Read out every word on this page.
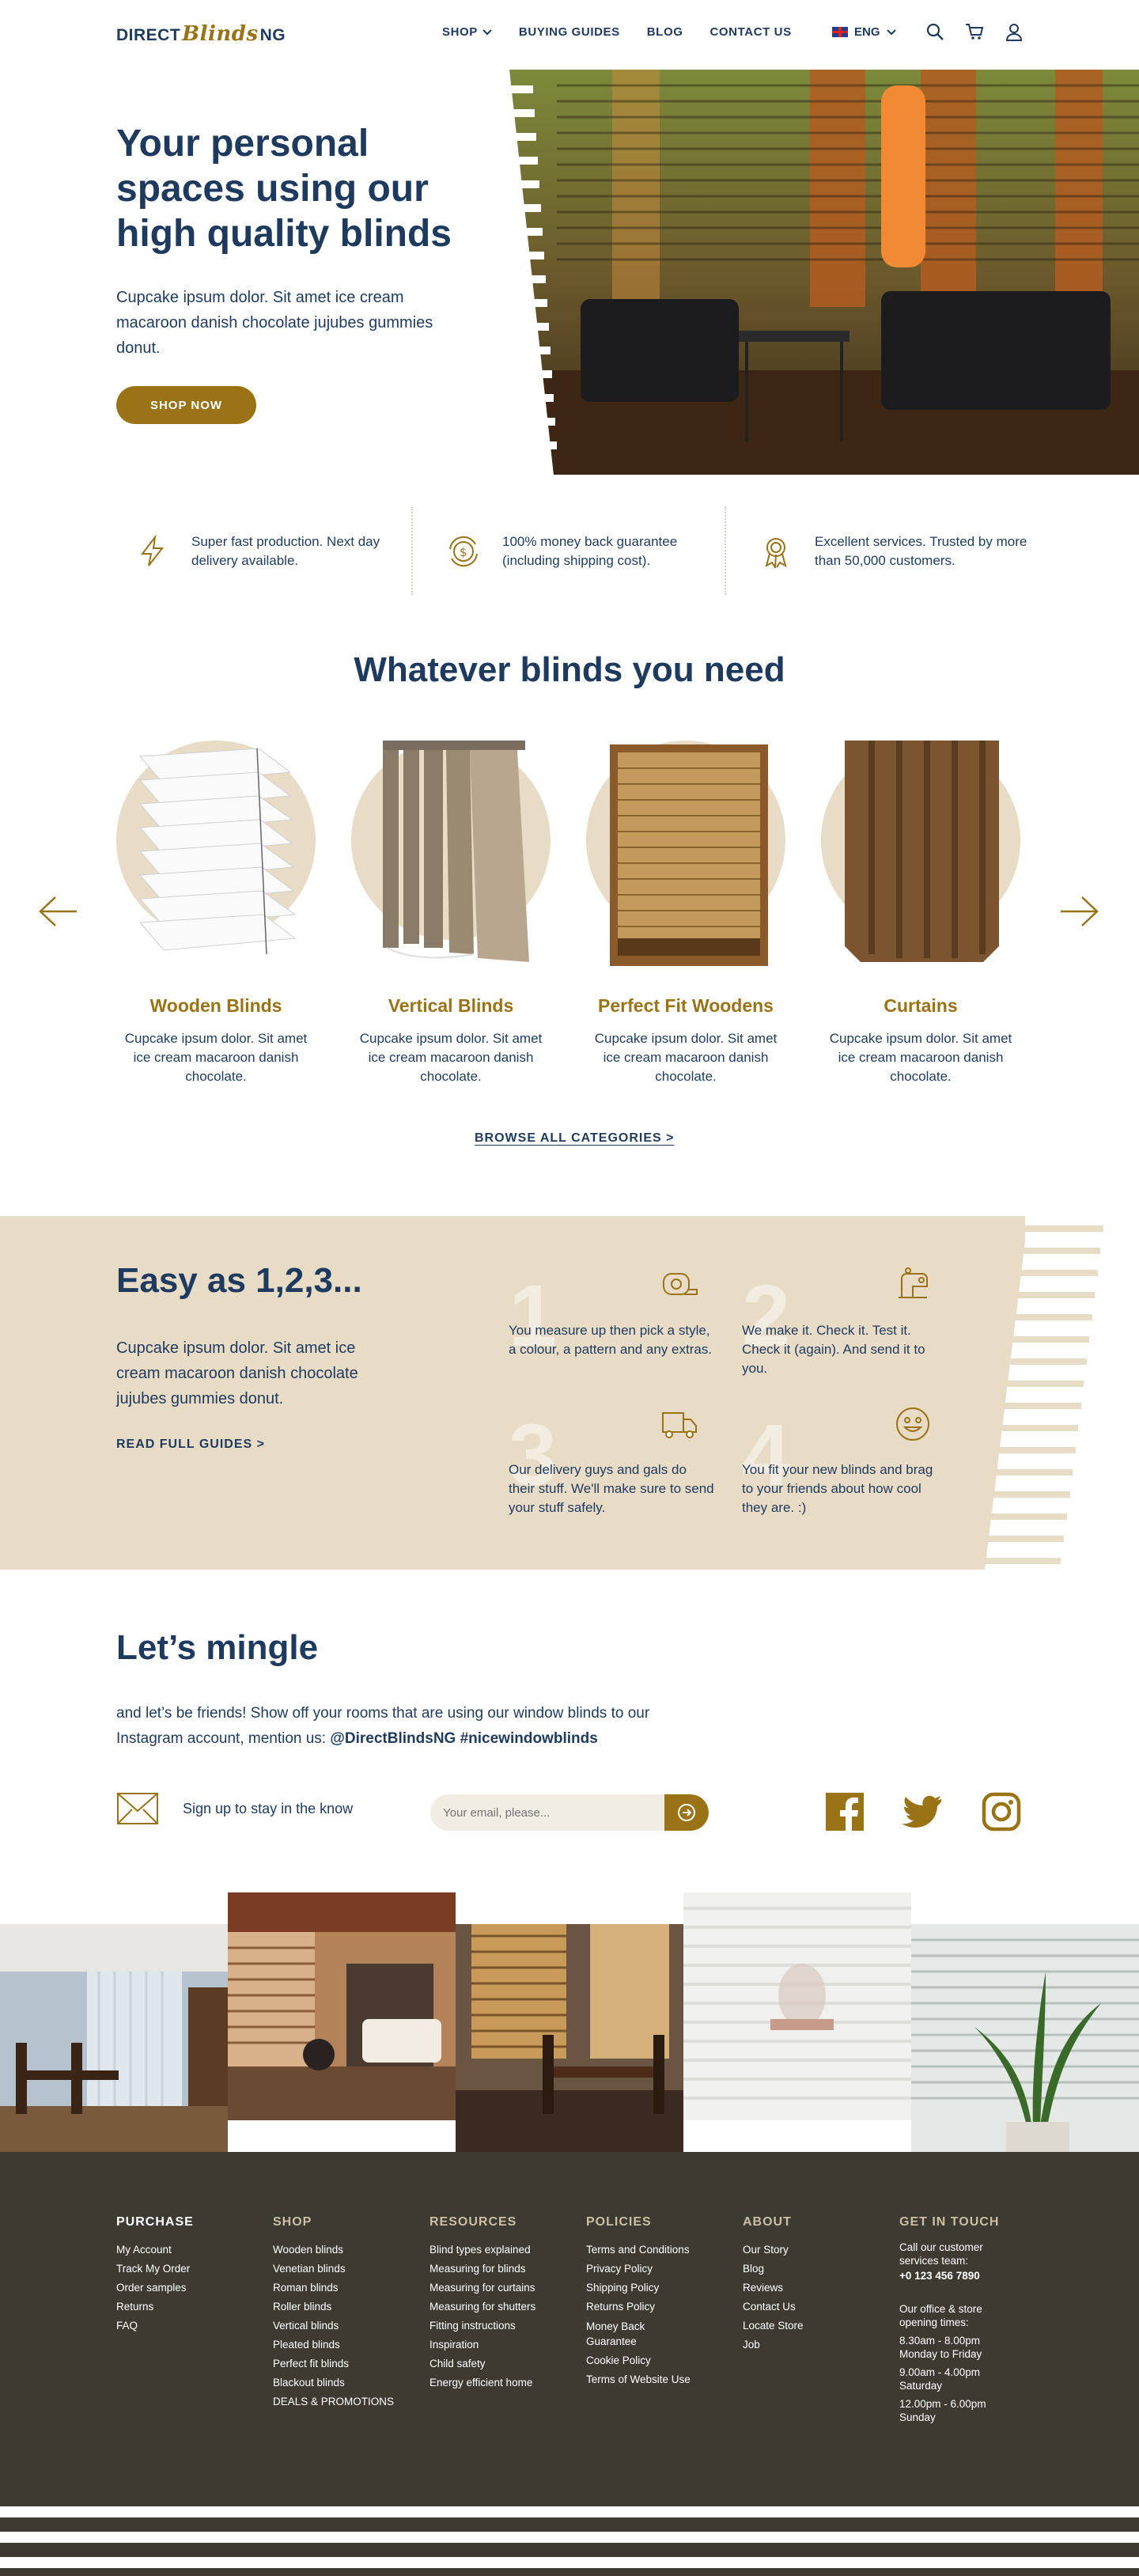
DIRECT Blinds NG	SHOP	BUYING GUIDES BLOG CONTACT US	ENG
Your personal spaces using our high quality blinds

Cupcake ipsum dolor. Sit amet ice cream macaroon danish chocolate jujubes gummies donut.

SHOP NOW
Super fast production. Next day delivery available.
$
100% money back guarantee (including shipping cost).
Excellent services. Trusted by more than 50,000 customers.
Whatever blinds you need
Wooden Blinds
Cupcake ipsum dolor. Sit amet ice cream macaroon danish chocolate.
Vertical Blinds
Cupcake ipsum dolor. Sit amet ice cream macaroon danish chocolate.
Perfect Fit Woodens
Cupcake ipsum dolor. Sit amet ice cream macaroon danish chocolate.
Curtains
Cupcake ipsum dolor. Sit amet ice cream macaroon danish chocolate.
BROWSE ALL CATEGORIES >
Easy as 1,2,3...

Cupcake ipsum dolor. Sit amet ice cream macaroon danish chocolate jujubes gummies donut.

READ FULL GUIDES >
1
You measure up then pick a style, a colour, a pattern and any extras. 2
We make it. Check it. Test it. Check it (again). And send it to you.
3
Our delivery guys and gals do their stuff. We'll make sure to send your stuff safely.
4
You fit your new blinds and brag to your friends about how cool they are. :)
Let’s mingle

and let’s be friends! Show off your rooms that are using our window blinds to our Instagram account, mention us: @DirectBlindsNG #nicewindowblinds

Sign up to stay in the know
Your email, please...
PURCHASE
My Account
Track My Order
Order samples
Returns
FAQ
SHOP
Wooden blinds
Venetian blinds
Roman blinds
Roller blinds
Vertical blinds
Pleated blinds
Perfect fit blinds
Blackout blinds
DEALS & PROMOTIONS
RESOURCES
Blind types explained
Measuring for blinds
Measuring for curtains
Measuring for shutters
Fitting instructions
Inspiration
Child safety
Energy efficient home
POLICIES
Terms and Conditions
Privacy Policy
Shipping Policy
Returns Policy
Money Back Guarantee
Cookie Policy
Terms of Website Use
ABOUT
Our Story
Blog
Reviews
Contact Us
Locate Store
Job
GET IN TOUCH
Call our customer services team:
+0 123 456 7890
Our office & store opening times:
8.30am - 8.00pm Monday to Friday
9.00am - 4.00pm Saturday
12.00pm - 6.00pm Sunday
